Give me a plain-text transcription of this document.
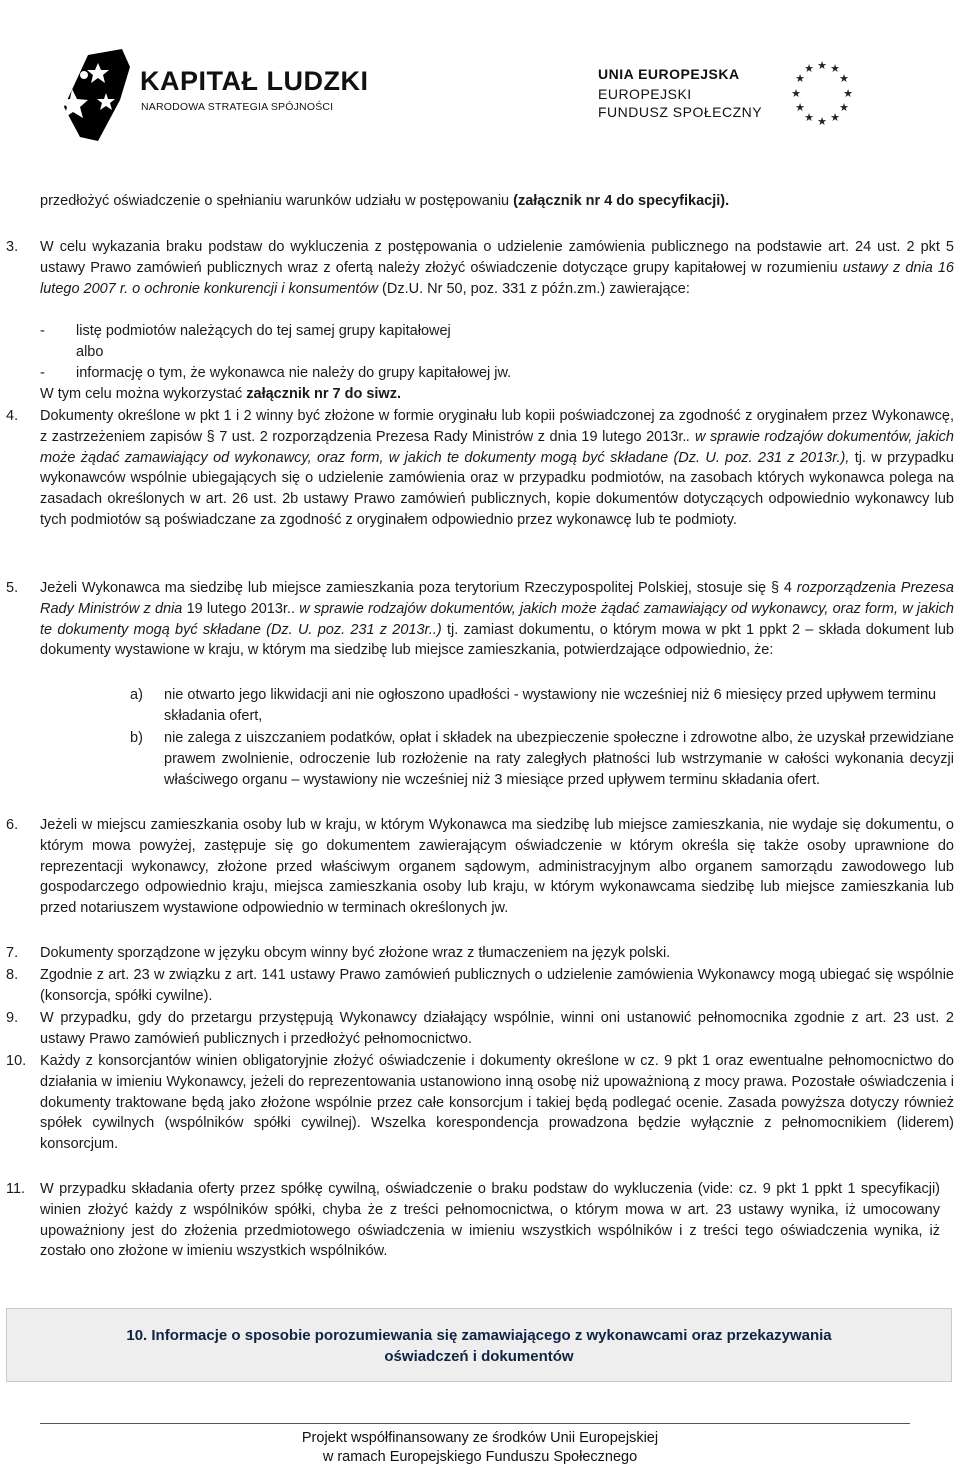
KAPITAŁ LUDZKI
NARODOWA STRATEGIA SPÓJNOŚCI
UNIA EUROPEJSKA
EUROPEJSKI
FUNDUSZ SPOŁECZNY
★ ★
★
★
★
★
★
★
★
★
★
★
przedłożyć oświadczenie o spełnianiu warunków udziału w postępowaniu (załącznik nr 4 do specyfikacji).
3. W celu wykazania braku podstaw do wykluczenia z postępowania o udzielenie zamówienia publicznego na podstawie art. 24 ust. 2 pkt 5 ustawy Prawo zamówień publicznych wraz z ofertą należy złożyć oświadczenie dotyczące grupy kapitałowej w rozumieniu ustawy z dnia 16 lutego 2007 r. o ochronie konkurencji i konsumentów (Dz.U. Nr 50, poz. 331 z późn.zm.) zawierające:
- listę podmiotów należących do tej samej grupy kapitałowej
albo
- informację o tym, że wykonawca nie należy do grupy kapitałowej jw.
W tym celu można wykorzystać załącznik nr 7 do siwz.
4. Dokumenty określone w pkt 1 i 2 winny być złożone w formie oryginału lub kopii poświadczonej za zgodność z oryginałem przez Wykonawcę, z zastrzeżeniem zapisów § 7 ust. 2 rozporządzenia Prezesa Rady Ministrów z dnia 19 lutego 2013r.. w sprawie rodzajów dokumentów, jakich może żądać zamawiający od wykonawcy, oraz form, w jakich te dokumenty mogą być składane (Dz. U. poz. 231 z 2013r.), tj. w przypadku wykonawców wspólnie ubiegających się o udzielenie zamówienia oraz w przypadku podmiotów, na zasobach których wykonawca polega na zasadach określonych w art. 26 ust. 2b ustawy Prawo zamówień publicznych, kopie dokumentów dotyczących odpowiednio wykonawcy lub tych podmiotów są poświadczane za zgodność z oryginałem odpowiednio przez wykonawcę lub te podmioty.
5. Jeżeli Wykonawca ma siedzibę lub miejsce zamieszkania poza terytorium Rzeczypospolitej Polskiej, stosuje się § 4 rozporządzenia Prezesa Rady Ministrów z dnia 19 lutego 2013r.. w sprawie rodzajów dokumentów, jakich może żądać zamawiający od wykonawcy, oraz form, w jakich te dokumenty mogą być składane (Dz. U. poz. 231 z 2013r..) tj. zamiast dokumentu, o którym mowa w pkt 1 ppkt 2 – składa dokument lub dokumenty wystawione w kraju, w którym ma siedzibę lub miejsce zamieszkania, potwierdzające odpowiednio, że:
a) nie otwarto jego likwidacji ani nie ogłoszono upadłości - wystawiony nie wcześniej niż 6 miesięcy przed upływem terminu składania ofert,
b) nie zalega z uiszczaniem podatków, opłat i składek na ubezpieczenie społeczne i zdrowotne albo, że uzyskał przewidziane prawem zwolnienie, odroczenie lub rozłożenie na raty zaległych płatności lub wstrzymanie w całości wykonania decyzji właściwego organu – wystawiony nie wcześniej niż 3 miesiące przed upływem terminu składania ofert.
6. Jeżeli w miejscu zamieszkania osoby lub w kraju, w którym Wykonawca ma siedzibę lub miejsce zamieszkania, nie wydaje się dokumentu, o którym mowa powyżej, zastępuje się go dokumentem zawierającym oświadczenie w którym określa się także osoby uprawnione do reprezentacji wykonawcy, złożone przed właściwym organem sądowym, administracyjnym albo organem samorządu zawodowego lub gospodarczego odpowiednio kraju, miejsca zamieszkania osoby lub kraju, w którym wykonawcama siedzibę lub miejsce zamieszkania lub przed notariuszem wystawione odpowiednio w terminach określonych jw.
7. Dokumenty sporządzone w języku obcym winny być złożone wraz z tłumaczeniem na język polski.
8. Zgodnie z art. 23 w związku z art. 141 ustawy Prawo zamówień publicznych o udzielenie zamówienia Wykonawcy mogą ubiegać się wspólnie (konsorcja, spółki cywilne).
9. W przypadku, gdy do przetargu przystępują Wykonawcy działający wspólnie, winni oni ustanowić pełnomocnika zgodnie z art. 23 ust. 2 ustawy Prawo zamówień publicznych i przedłożyć pełnomocnictwo.
10. Każdy z konsorcjantów winien obligatoryjnie złożyć oświadczenie i dokumenty określone w cz. 9 pkt 1 oraz ewentualne pełnomocnictwo do działania w imieniu Wykonawcy, jeżeli do reprezentowania ustanowiono inną osobę niż upoważnioną z mocy prawa. Pozostałe oświadczenia i dokumenty traktowane będą jako złożone wspólnie przez całe konsorcjum i takiej będą podlegać ocenie. Zasada powyższa dotyczy również spółek cywilnych (wspólników spółki cywilnej). Wszelka korespondencja prowadzona będzie wyłącznie z pełnomocnikiem (liderem) konsorcjum.
11. W przypadku składania oferty przez spółkę cywilną, oświadczenie o braku podstaw do wykluczenia (vide: cz. 9 pkt 1 ppkt 1 specyfikacji) winien złożyć każdy z wspólników spółki, chyba że z treści pełnomocnictwa, o którym mowa w art. 23 ustawy wynika, iż umocowany upoważniony jest do złożenia przedmiotowego oświadczenia w imieniu wszystkich wspólników i z treści tego oświadczenia wynika, iż zostało ono złożone w imieniu wszystkich wspólników.
10. Informacje o sposobie porozumiewania się zamawiającego z wykonawcami oraz przekazywania
oświadczeń i dokumentów
Projekt współfinansowany ze środków Unii Europejskiej
w ramach Europejskiego Funduszu Społecznego
